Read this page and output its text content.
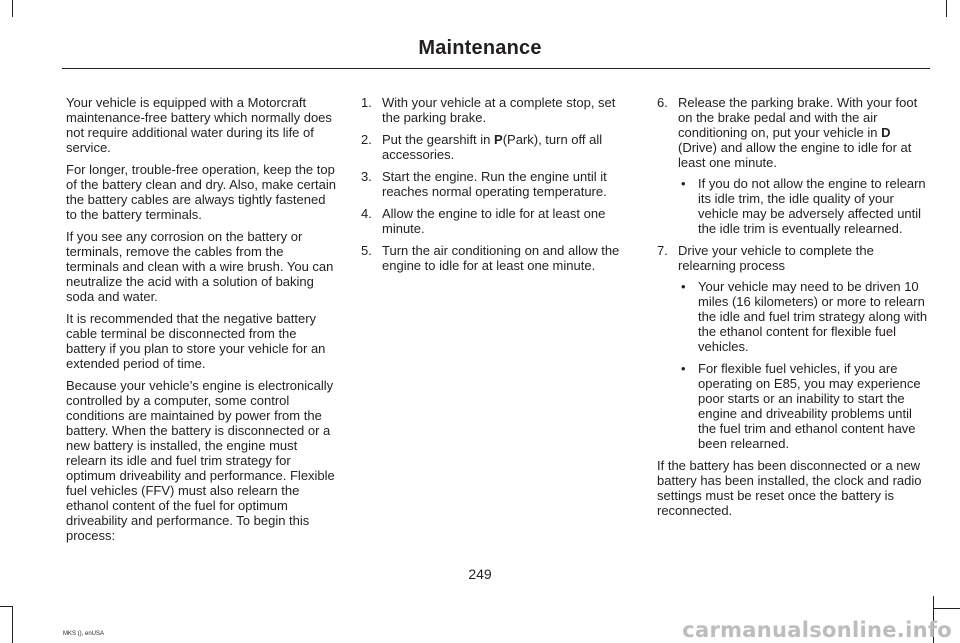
Maintenance

Your vehicle is equipped with a Motorcraft maintenance-free battery which normally does not require additional water during its life of service.

For longer, trouble-free operation, keep the top of the battery clean and dry. Also, make certain the battery cables are always tightly fastened to the battery terminals.

If you see any corrosion on the battery or terminals, remove the cables from the terminals and clean with a wire brush. You can neutralize the acid with a solution of baking soda and water.

It is recommended that the negative battery cable terminal be disconnected from the battery if you plan to store your vehicle for an extended period of time.

Because your vehicle’s engine is electronically controlled by a computer, some control conditions are maintained by power from the battery. When the battery is disconnected or a new battery is installed, the engine must relearn its idle and fuel trim strategy for optimum driveability and performance. Flexible fuel vehicles (FFV) must also relearn the ethanol content of the fuel for optimum driveability and performance. To begin this process:

1. With your vehicle at a complete stop, set the parking brake.
2. Put the gearshift in P(Park), turn off all accessories.
3. Start the engine. Run the engine until it reaches normal operating temperature.
4. Allow the engine to idle for at least one minute.
5. Turn the air conditioning on and allow the engine to idle for at least one minute.
6. Release the parking brake. With your foot on the brake pedal and with the air conditioning on, put your vehicle in D (Drive) and allow the engine to idle for at least one minute.
• If you do not allow the engine to relearn its idle trim, the idle quality of your vehicle may be adversely affected until the idle trim is eventually relearned.
7. Drive your vehicle to complete the relearning process
• Your vehicle may need to be driven 10 miles (16 kilometers) or more to relearn the idle and fuel trim strategy along with the ethanol content for flexible fuel vehicles.
• For flexible fuel vehicles, if you are operating on E85, you may experience poor starts or an inability to start the engine and driveability problems until the fuel trim and ethanol content have been relearned.

If the battery has been disconnected or a new battery has been installed, the clock and radio settings must be reset once the battery is reconnected.

249
MKS (), enUSA	carmanualsonline.info
